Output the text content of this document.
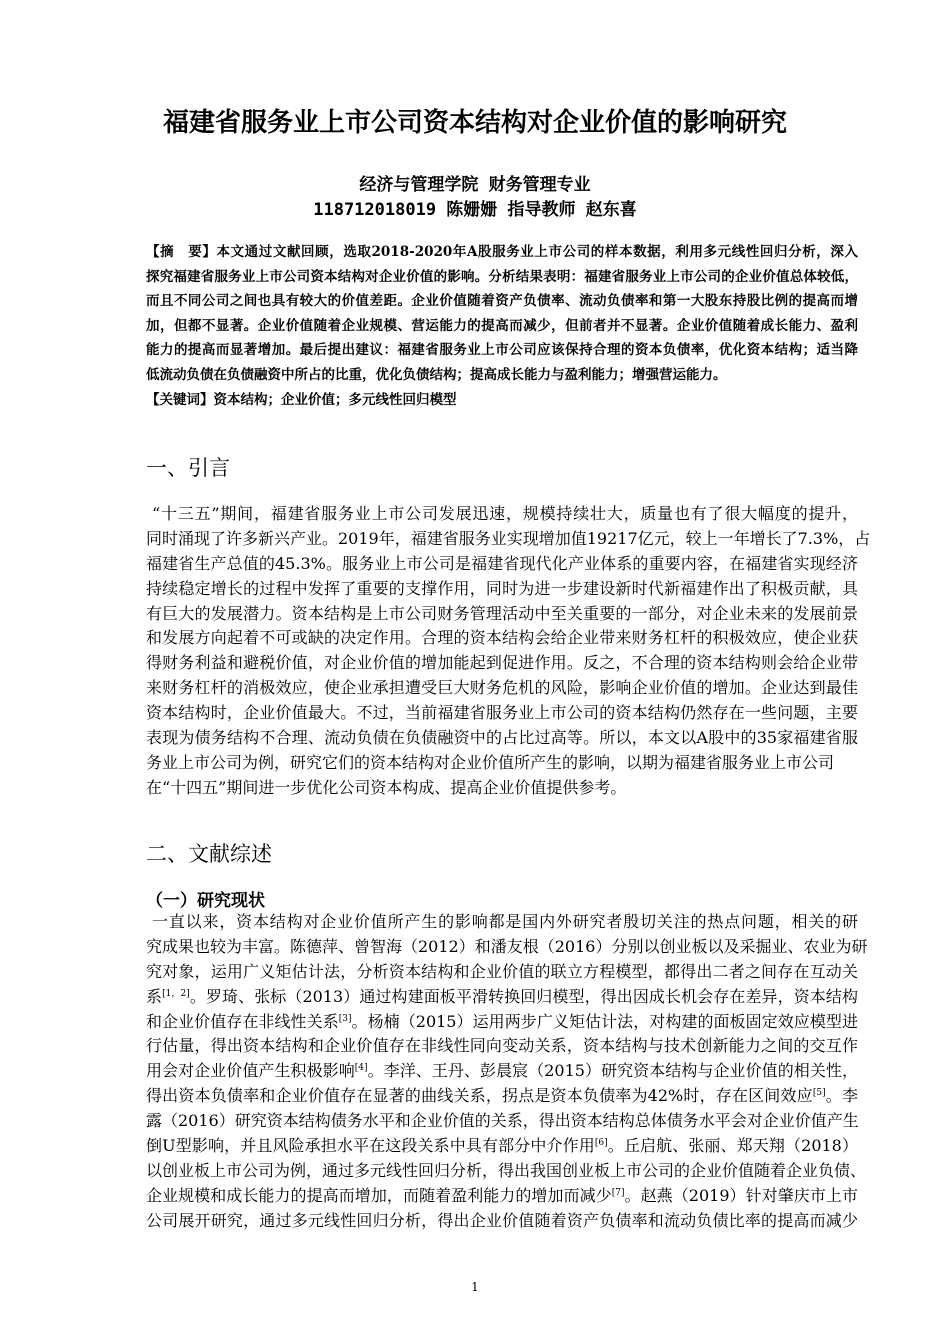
福建省服务业上市公司资本结构对企业价值的影响研究
经济与管理学院 财务管理专业
118712018019 陈姗姗 指导教师 赵东喜
【摘　要】本文通过文献回顾，选取2018-2020年A股服务业上市公司的样本数据，利用多元线性回归分析，深入
探究福建省服务业上市公司资本结构对企业价值的影响。分析结果表明：福建省服务业上市公司的企业价值总体较低，
而且不同公司之间也具有较大的价值差距。企业价值随着资产负债率、流动负债率和第一大股东持股比例的提高而增
加，但都不显著。企业价值随着企业规模、营运能力的提高而减少，但前者并不显著。企业价值随着成长能力、盈利
能力的提高而显著增加。最后提出建议：福建省服务业上市公司应该保持合理的资本负债率，优化资本结构；适当降
低流动负债在负债融资中所占的比重，优化负债结构；提高成长能力与盈利能力；增强营运能力。
【关键词】资本结构；企业价值；多元线性回归模型
一、引言
“十三五”期间，福建省服务业上市公司发展迅速，规模持续壮大，质量也有了很大幅度的提升，
同时涌现了许多新兴产业。2019年，福建省服务业实现增加值19217亿元，较上一年增长了7.3%，占
福建省生产总值的45.3%。服务业上市公司是福建省现代化产业体系的重要内容，在福建省实现经济
持续稳定增长的过程中发挥了重要的支撑作用，同时为进一步建设新时代新福建作出了积极贡献，具
有巨大的发展潜力。资本结构是上市公司财务管理活动中至关重要的一部分，对企业未来的发展前景
和发展方向起着不可或缺的决定作用。合理的资本结构会给企业带来财务杠杆的积极效应，使企业获
得财务利益和避税价值，对企业价值的增加能起到促进作用。反之，不合理的资本结构则会给企业带
来财务杠杆的消极效应，使企业承担遭受巨大财务危机的风险，影响企业价值的增加。企业达到最佳
资本结构时，企业价值最大。不过，当前福建省服务业上市公司的资本结构仍然存在一些问题，主要
表现为债务结构不合理、流动负债在负债融资中的占比过高等。所以，本文以A股中的35家福建省服
务业上市公司为例，研究它们的资本结构对企业价值所产生的影响，以期为福建省服务业上市公司
在“十四五”期间进一步优化公司资本构成、提高企业价值提供参考。
二、文献综述
（一）研究现状
一直以来，资本结构对企业价值所产生的影响都是国内外研究者殷切关注的热点问题，相关的研
究成果也较为丰富。陈德萍、曾智海（2012）和潘友根（2016）分别以创业板以及采掘业、农业为研
究对象，运用广义矩估计法，分析资本结构和企业价值的联立方程模型，都得出二者之间存在互动关
系[1，2]。罗琦、张标（2013）通过构建面板平滑转换回归模型，得出因成长机会存在差异，资本结构
和企业价值存在非线性关系[3]。杨楠（2015）运用两步广义矩估计法，对构建的面板固定效应模型进
行估量，得出资本结构和企业价值存在非线性同向变动关系，资本结构与技术创新能力之间的交互作
用会对企业价值产生积极影响[4]。李洋、王丹、彭晨宸（2015）研究资本结构与企业价值的相关性，
得出资本负债率和企业价值存在显著的曲线关系，拐点是资本负债率为42%时，存在区间效应[5]。李
露（2016）研究资本结构债务水平和企业价值的关系，得出资本结构总体债务水平会对企业价值产生
倒U型影响，并且风险承担水平在这段关系中具有部分中介作用[6]。丘启航、张丽、郑天翔（2018）
以创业板上市公司为例，通过多元线性回归分析，得出我国创业板上市公司的企业价值随着企业负债、
企业规模和成长能力的提高而增加，而随着盈利能力的增加而减少[7]。赵燕（2019）针对肇庆市上市
公司展开研究，通过多元线性回归分析，得出企业价值随着资产负债率和流动负债比率的提高而减少
1
